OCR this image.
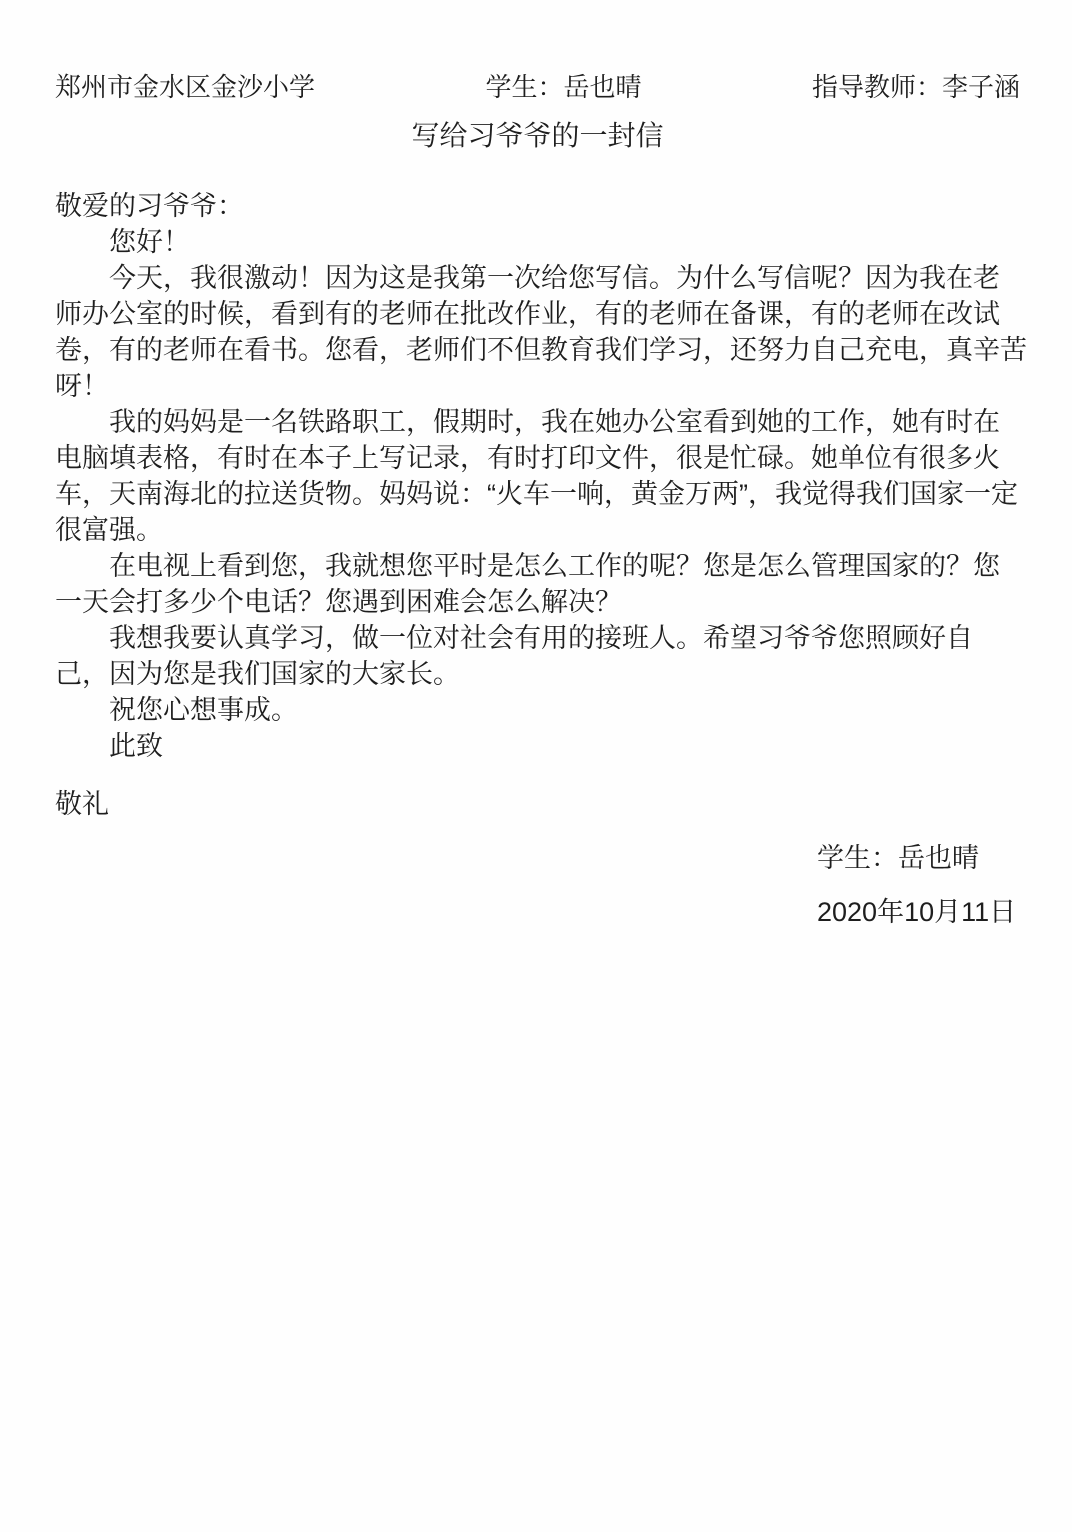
郑州市金水区金沙小学	学生：岳也晴	指导教师：李子涵
写给习爷爷的一封信
敬爱的习爷爷：
您好！
今天，我很激动！因为这是我第一次给您写信。为什么写信呢？因为我在老
师办公室的时候，看到有的老师在批改作业，有的老师在备课，有的老师在改试
卷，有的老师在看书。您看，老师们不但教育我们学习，还努力自己充电，真辛苦
呀！
我的妈妈是一名铁路职工，假期时，我在她办公室看到她的工作，她有时在
电脑填表格，有时在本子上写记录，有时打印文件，很是忙碌。她单位有很多火
车，天南海北的拉送货物。妈妈说：“火车一响，黄金万两”，我觉得我们国家一定
很富强。
在电视上看到您，我就想您平时是怎么工作的呢？您是怎么管理国家的？您
一天会打多少个电话？您遇到困难会怎么解决？
我想我要认真学习，做一位对社会有用的接班人。希望习爷爷您照顾好自
己，因为您是我们国家的大家长。
祝您心想事成。
此致
敬礼
学生：岳也晴
2020年10月11日
